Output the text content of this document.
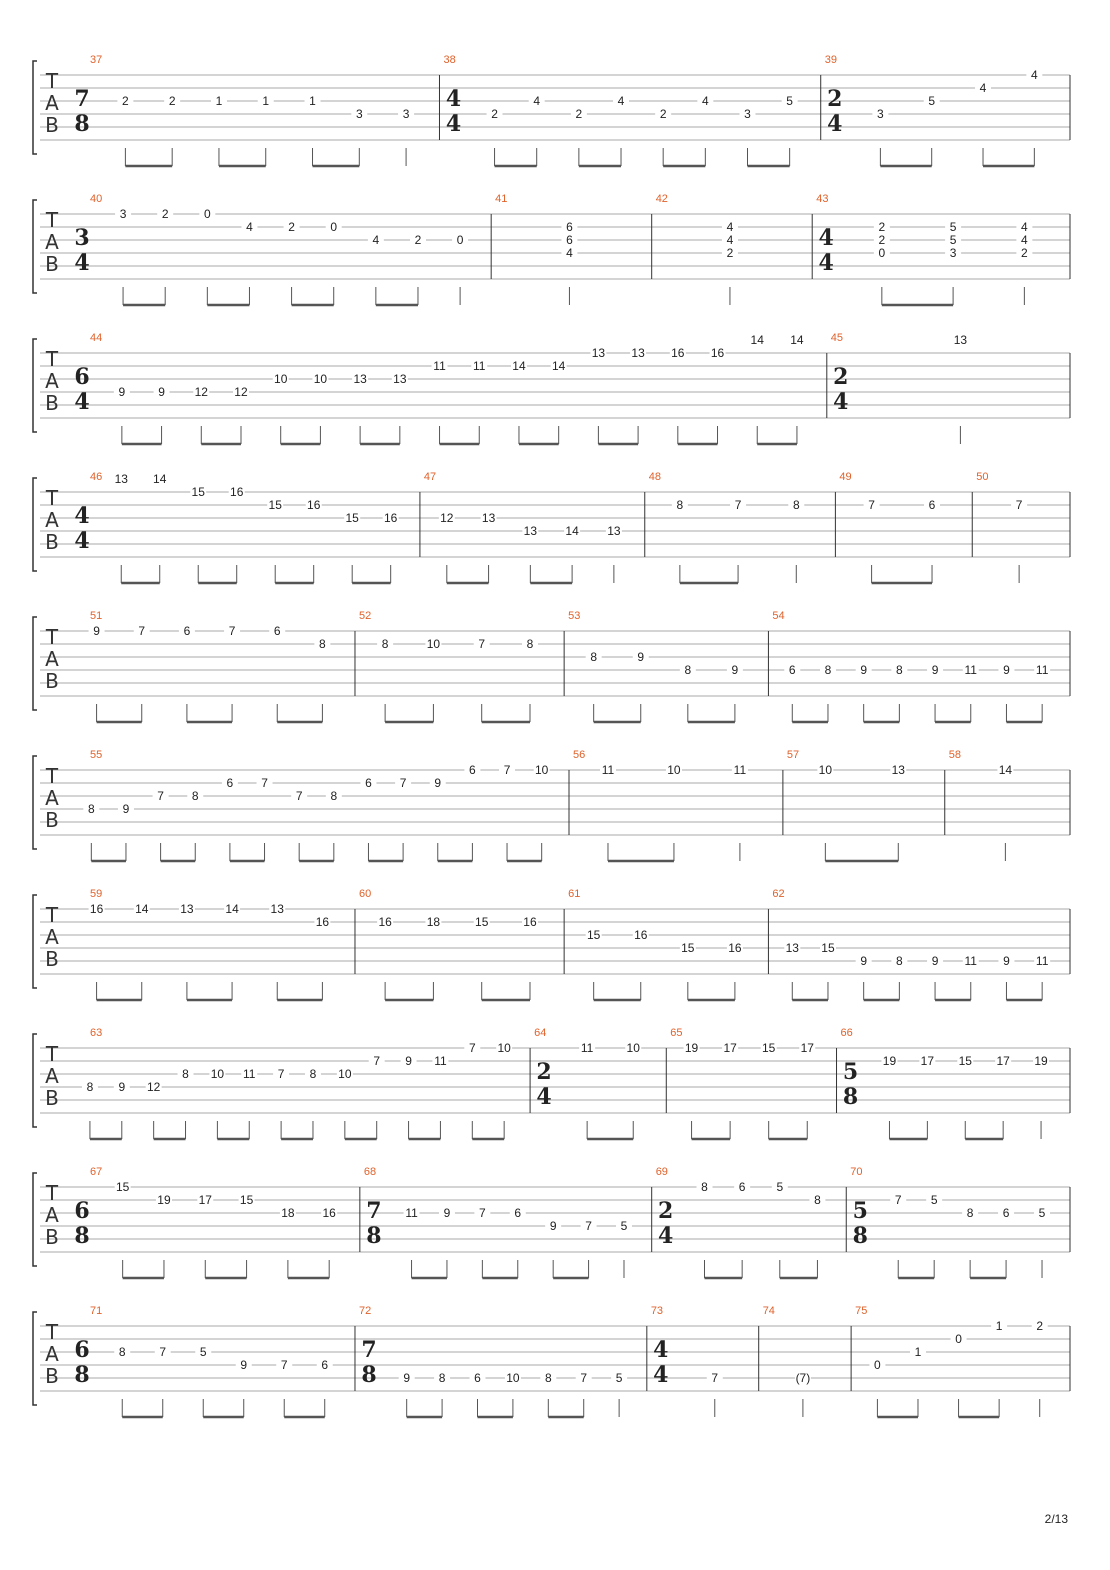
T
A
B
37
7
8
2	2	1	1	1
3	3
38
4
4	2
4
2
4
2
4
3
5
39
2
4	3
5
4
4
T
A
B
40
3
4
3	2	0
4	2	0
4	2	0
41
6
6
4
42
4
4
2
43
4
4
2
2
0
5
5
3
4
4
2
T
A
B
44
6
4 9	9 12 12
10 10 13 13
11 11 14 14
13 13 16 16
14 14 45
2
4
13
T
A
B
46
4
4
13 14
15 16
15 16
15 16
47
12 13
13 14 13
48
8	7	8
49
7	6
50
7
T
A
B
51
9	7	6	7	6
8
52
8	10	7	8
53
8	9
8	9
54
6 8 9 8 9 11 9 11
T
A
B
55
8 9
7 8
6 7
7 8
6 7 9
6 7 10
56
11	10	11
57
10	13
58
14
T
A
B
59
16	14	13	14	13
16
60
16	18	15	16
61
15	16
15	16
62
13 15
9 8 9 11 9 11
T
A
B
63
8 9 12
8 10 11 7 8 10
7 9 11
7 10
64
2
4
11	10
65
19 17 15 17
66
5
8
19 17 15 17 19
T
A
B
67
6
8
15
19 17 15
18 16
68
7
8
11 9 7 6
9 7 5
69
2
4
8	6	5
8
70
5
8
7 5
8 6 5
T
A
B
71
6
8
8	7	5
9	7	6
72
7
8 9 8 6 10 8 7 5
73
4
4	7
74
(7)
75
0
1
0
1	2
2/13
